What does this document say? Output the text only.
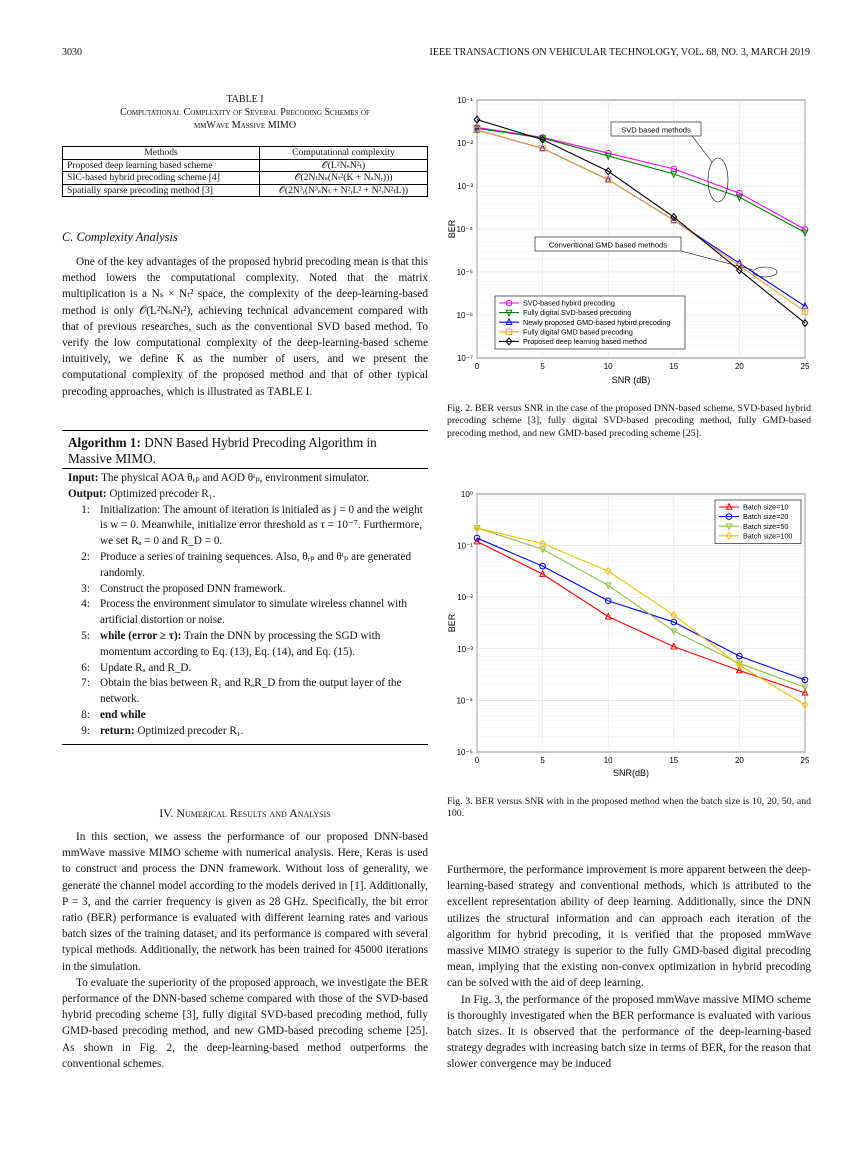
3030	IEEE TRANSACTIONS ON VEHICULAR TECHNOLOGY, VOL. 68, NO. 3, MARCH 2019
TABLE I
Computational Complexity of Several Precoding Schemes of
mmWave Massive MIMO
Methods	Computational complexity
Proposed deep learning based scheme	𝒪(L²NₛN²ₜ)
SIC-based hybrid precoding scheme [4]	𝒪(2NₜNₛ(Nₜ²(K + NₛNᵣ)))
Spatially sparse precoding method [3]	𝒪(2N³ᵣ(N³ₛNₜ + N²ᵣL² + N²ᵣN²ₜL))
C. Complexity Analysis

One of the key advantages of the proposed hybrid precoding mean is that this method lowers the computational complexity. Noted that the matrix multiplication is a Nₛ × Nₜ² space, the complexity of the deep-learning-based method is only 𝒪(L²NₛNₜ²), achieving technical advancement compared with that of previous researches, such as the conventional SVD based method. To verify the low computational complexity of the deep-learning-based scheme intuitively, we define K as the number of users, and we present the computational complexity of the proposed method and that of other typical precoding approaches, which is illustrated as TABLE I.

Algorithm 1: DNN Based Hybrid Precoding Algorithm in Massive MIMO.
Input: The physical AOA θᵣₚ and AOD θᵗₚ, environment simulator.
Output: Optimized precoder R₁.
1: Initialization: The amount of iteration is initialed as j = 0 and the weight is w = 0. Meanwhile, initialize error threshold as τ = 10⁻⁷. Furthermore, we set Rₐ = 0 and R_D = 0.
2: Produce a series of training sequences. Also, θᵣₚ and θᵗₚ are generated randomly.
3: Construct the proposed DNN framework.
4: Process the environment simulator to simulate wireless channel with artificial distortion or noise.
5: while (error ≥ τ): Train the DNN by processing the SGD with momentum according to Eq. (13), Eq. (14), and Eq. (15).
6: Update Rₐ and R_D.
7: Obtain the bias between R₁ and RₐR_D from the output layer of the network.
8: end while
9: return: Optimized precoder R₁.
IV. Numerical Results and Analysis

In this section, we assess the performance of our proposed DNN-based mmWave massive MIMO scheme with numerical analysis. Here, Keras is used to construct and process the DNN framework. Without loss of generality, we generate the channel model according to the models derived in [1]. Additionally, P = 3, and the carrier frequency is given as 28 GHz. Specifically, the bit error ratio (BER) performance is evaluated with different learning rates and various batch sizes of the training dataset, and its performance is compared with several typical methods. Additionally, the network has been trained for 45000 iterations in the simulation.

To evaluate the superiority of the proposed approach, we investigate the BER performance of the DNN-based scheme compared with those of the SVD-based hybrid precoding scheme [3], fully digital SVD-based precoding method, fully GMD-based precoding method, and new GMD-based precoding scheme [25]. As shown in Fig. 2, the deep-learning-based method outperforms the conventional schemes.

Furthermore, the performance improvement is more apparent between the deep-learning-based strategy and conventional methods, which is attributed to the excellent representation ability of deep learning. Additionally, since the DNN utilizes the structural information and can approach each iteration of the algorithm for hybrid precoding, it is verified that the proposed mmWave massive MIMO strategy is superior to the fully GMD-based digital precoding mean, implying that the existing non-convex optimization in hybrid precoding can be solved with the aid of deep learning.

In Fig. 3, the performance of the proposed mmWave massive MIMO scheme is thoroughly investigated when the BER performance is evaluated with various batch sizes. It is observed that the performance of the deep-learning-based strategy degrades with increasing batch size in terms of BER, for the reason that slower convergence may be induced

0	5	10	15	20	25
10⁻⁷
10⁻⁶
10⁻⁵
10⁻⁴
10⁻³
10⁻²
10⁻¹
SNR (dB)
BER
SVD based methods
Conventional GMD based methods
SVD-based hybird precoding
Fully digital SVD-based precoding
Newly proposed GMD-based hybird precoding
Fully digital GMD based precoding
Proposed deep learning based method
Fig. 2. BER versus SNR in the case of the proposed DNN-based scheme, SVD-based hybrid precoding scheme [3], fully digital SVD-based precoding method, fully GMD-based precoding method, and new GMD-based precoding scheme [25].
0	5	10	15	20	25
10⁻⁵
10⁻⁴
10⁻³
10⁻²
10⁻¹
10⁰
SNR(dB)
BER
Batch size=10
Batch size=20
Batch size=50
Batch size=100
Fig. 3. BER versus SNR with in the proposed method when the batch size is 10, 20, 50, and 100.
